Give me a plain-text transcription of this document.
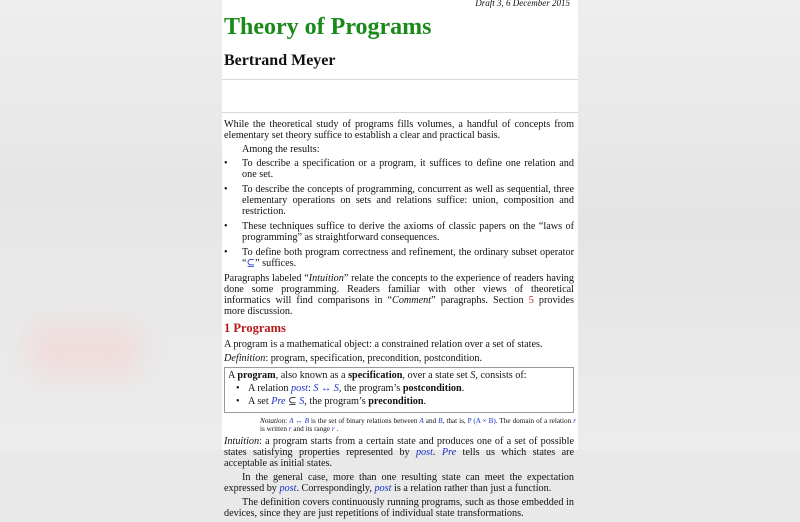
Draft 3, 6 December 2015
Theory of Programs
Bertrand Meyer

While the theoretical study of programs fills volumes, a handful of concepts from elementary set theory suffice to establish a clear and practical basis.

Among the results:

• To describe a specification or a program, it suffices to define one relation and one set.
• To describe the concepts of programming, concurrent as well as sequential, three elementary operations on sets and relations suffice: union, composition and restriction.
• These techniques suffice to derive the axioms of classic papers on the “laws of programming” as straightforward consequences.
• To define both program correctness and refinement, the ordinary subset operator “⊆” suffices.

Paragraphs labeled “Intuition” relate the concepts to the experience of readers having done some programming. Readers familiar with other views of theoretical informatics will find comparisons in “Comment” paragraphs. Section 5 provides more discussion.

1 Programs

A program is a mathematical object: a constrained relation over a set of states.

Definition: program, specification, precondition, postcondition.

A program, also known as a specification, over a state set S, consists of:
• A relation post: S ↔ S, the program’s postcondition.
• A set Pre ⊆ S, the program’s precondition.

Notation: A ↔ B is the set of binary relations between A and B, that is, P (A × B). The domain of a relation r is written r and its range r .

Intuition: a program starts from a certain state and produces one of a set of possible states satisfying properties represented by post. Pre tells us which states are acceptable as initial states.

In the general case, more than one resulting state can meet the expectation expressed by post. Correspondingly, post is a relation rather than just a function.

The definition covers continuously running programs, such as those embedded in devices, since they are just repetitions of individual state transformations.
